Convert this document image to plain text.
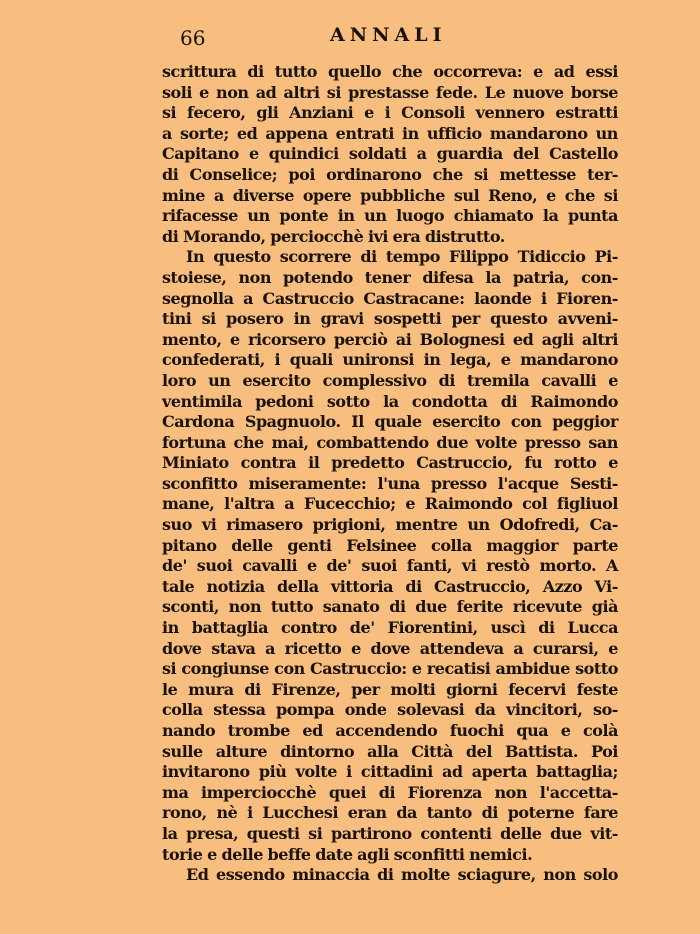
66	ANNALI
scrittura di tutto quello che occorreva: e ad essi
soli e non ad altri si prestasse fede. Le nuove borse
si fecero, gli Anziani e i Consoli vennero estratti
a sorte; ed appena entrati in ufficio mandarono un
Capitano e quindici soldati a guardia del Castello
di Conselice; poi ordinarono che si mettesse ter-
mine a diverse opere pubbliche sul Reno, e che si
rifacesse un ponte in un luogo chiamato la punta
di Morando, perciocchè ivi era distrutto.
In questo scorrere di tempo Filippo Tidiccio Pi-
stoiese, non potendo tener difesa la patria, con-
segnolla a Castruccio Castracane: laonde i Fioren-
tini si posero in gravi sospetti per questo avveni-
mento, e ricorsero perciò ai Bolognesi ed agli altri
confederati, i quali unironsi in lega, e mandarono
loro un esercito complessivo di tremila cavalli e
ventimila pedoni sotto la condotta di Raimondo
Cardona Spagnuolo. Il quale esercito con peggior
fortuna che mai, combattendo due volte presso san
Miniato contra il predetto Castruccio, fu rotto e
sconfitto miseramente: l'una presso l'acque Sesti-
mane, l'altra a Fucecchio; e Raimondo col figliuol
suo vi rimasero prigioni, mentre un Odofredi, Ca-
pitano delle genti Felsinee colla maggior parte
de' suoi cavalli e de' suoi fanti, vi restò morto. A
tale notizia della vittoria di Castruccio, Azzo Vi-
sconti, non tutto sanato di due ferite ricevute già
in battaglia contro de' Fiorentini, uscì di Lucca
dove stava a ricetto e dove attendeva a curarsi, e
si congiunse con Castruccio: e recatisi ambidue sotto
le mura di Firenze, per molti giorni fecervi feste
colla stessa pompa onde solevasi da vincitori, so-
nando trombe ed accendendo fuochi qua e colà
sulle alture dintorno alla Città del Battista. Poi
invitarono più volte i cittadini ad aperta battaglia;
ma imperciocchè quei di Fiorenza non l'accetta-
rono, nè i Lucchesi eran da tanto di poterne fare
la presa, questi si partirono contenti delle due vit-
torie e delle beffe date agli sconfitti nemici.
Ed essendo minaccia di molte sciagure, non solo
